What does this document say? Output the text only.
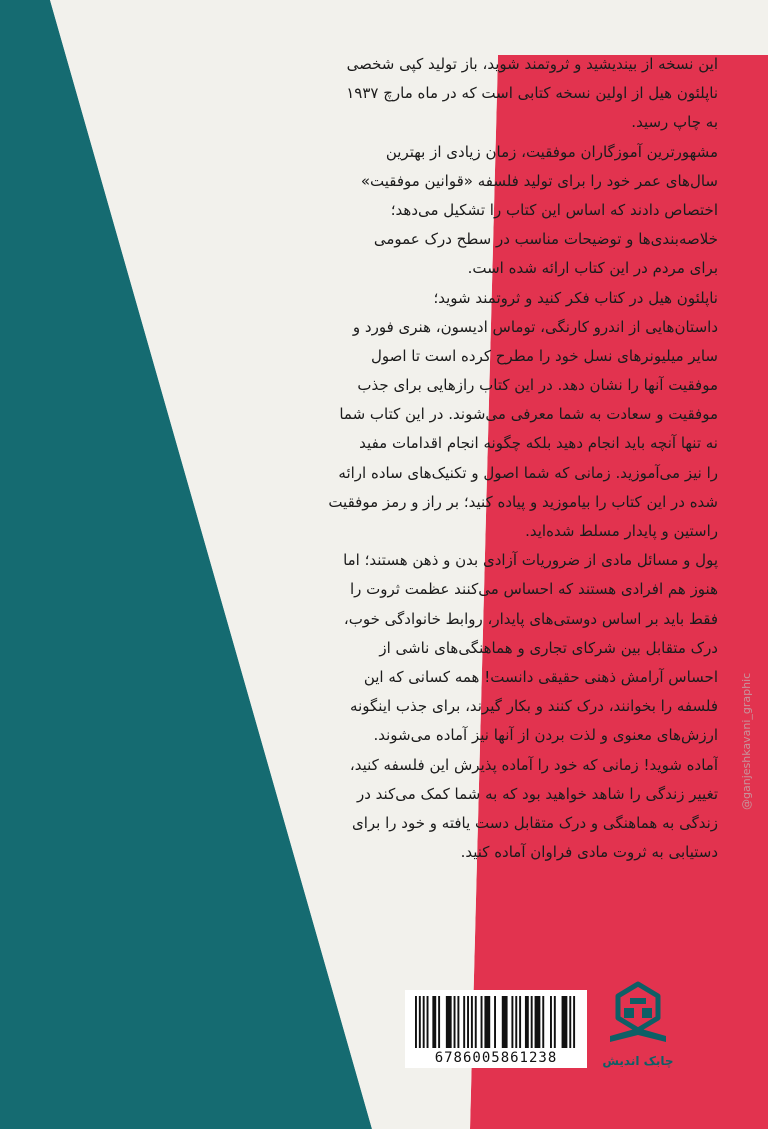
این نسخه از بیندیشید و ثروتمند شوید، باز تولید کپی شخصی
ناپلئون هیل از اولین نسخه کتابی است که در ماه مارچ ۱۹۳۷
به چاپ رسید.
مشهورترین آموزگاران موفقیت، زمان زیادی از بهترین
سال‌های عمر خود را برای تولید فلسفه «قوانین موفقیت»
اختصاص دادند که اساس این کتاب را تشکیل می‌دهد؛
خلاصه‌بندی‌ها و توضیحات مناسب در سطح درک عمومی
برای مردم در این کتاب ارائه شده است.
ناپلئون هیل در کتاب فکر کنید و ثروتمند شوید؛
داستان‌هایی از اندرو کارنگی، توماس ادیسون، هنری فورد و
سایر میلیونرهای نسل خود را مطرح کرده است تا اصول
موفقیت آنها را نشان دهد. در این کتاب رازهایی برای جذب
موفقیت و سعادت به شما معرفی می‌شوند. در این کتاب شما
نه تنها آنچه باید انجام دهید بلکه چگونه انجام اقدامات مفید
را نیز می‌آموزید. زمانی که شما اصول و تکنیک‌های ساده ارائه
شده در این کتاب را بیاموزید و پیاده کنید؛ بر راز و رمز موفقیت
راستین و پایدار مسلط شده‌اید.
پول و مسائل مادی از ضروریات آزادی بدن و ذهن هستند؛ اما
هنوز هم افرادی هستند که احساس می‌کنند عظمت ثروت را
فقط باید بر اساس دوستی‌های پایدار، روابط خانوادگی خوب،
درک متقابل بین شرکای تجاری و هماهنگی‌های ناشی از
احساس آرامش ذهنی حقیقی دانست! همه کسانی که این
فلسفه را بخوانند، درک کنند و بکار گیرند، برای جذب اینگونه
ارزش‌های معنوی و لذت بردن از آنها نیز آماده می‌شوند.
آماده شوید! زمانی که خود را آماده پذیرش این فلسفه کنید،
تغییر زندگی را شاهد خواهید بود که به شما کمک می‌کند در
زندگی به هماهنگی و درک متقابل دست یافته و خود را برای
دستیابی به ثروت مادی فراوان آماده کنید.
6786005861238	چابک اندیش
@ganjeshkavani_graphic
